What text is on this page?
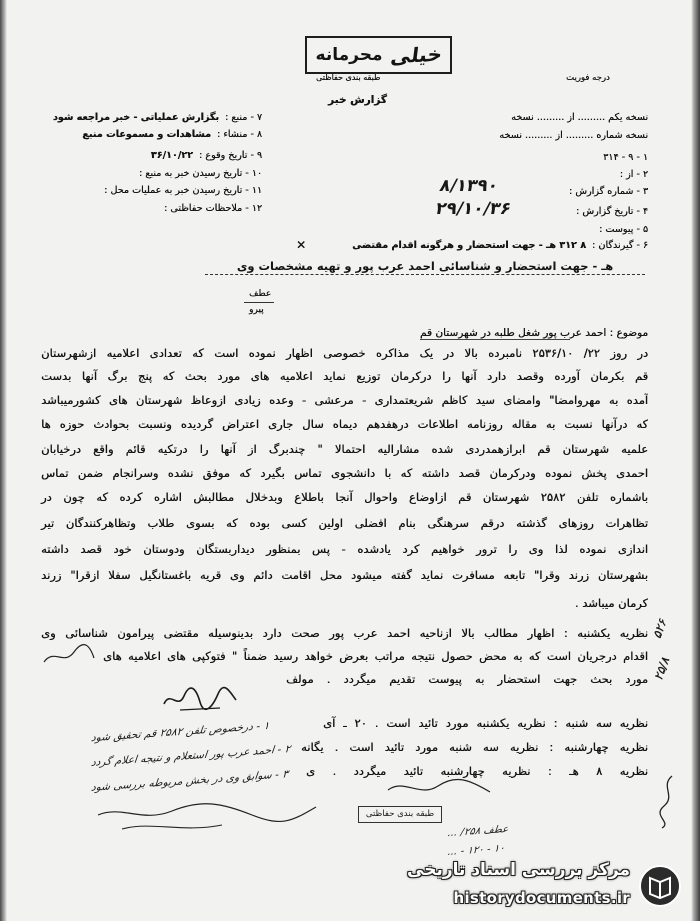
خیلی
محرمانه
طبقه بندی حفاظتی	درجه فوریت
گزارش خبر
۷ - منبع :بگزارش عملیاتی - خبر مراجعه شود
۸ - منشاء :مشاهدات و مسموعات منبع
۹ - تاریخ وقوع :۳۶/۱۰/۲۲
۱۰ - تاریخ رسیدن خبر به منبع :
۱۱ - تاریخ رسیدن خبر به عملیات محل :
۱۲ - ملاحظات حفاظتی :
نسخه یکم ......... از ......... نسخه
نسخه شماره ......... از ......... نسخه
۱ - ۹ - ۳۱۴
۲ - از :
۳ - شماره گزارش :
۸/۱۳۹۰
۴ - تاریخ گزارش :
۲۹/۱۰/۳۶
۵ - پیوست :
۶ - گیرندگان :۸ ۳۱۲ هـ - جهت استحضار و هرگونه اقدام مقتضی
✕
هـ - جهت استحضار و شناسائی احمد عرب پور و تهیه مشخصات وی
عطف
پیرو
موضوع : احمد عرب پور شغل طلبه در شهرستان قم
در روز ۲۲/ ۲۵۳۶/۱۰ نامبرده بالا در یک مذاکره خصوصی اظهار نموده است که تعدادی اعلامیه ازشهرستان
قم بکرمان آورده وقصد دارد آنها را درکرمان توزیع نماید اعلامیه های مورد بحث که پنج برگ آنها بدست
آمده به مهروامضا" وامضای سید کاظم شریعتمداری - مرعشی - وعده زیادی ازوعاظ شهرستان های کشورمیباشد
که درآنها نسبت به مقاله روزنامه اطلاعات درهفدهم دیماه سال جاری اعتراض گردیده ونسبت بحوادث حوزه ها
علمیه شهرستان قم ابرازهمدردی شده مشارالیه احتمالا " چندبرگ از آنها را درتکیه قائم واقع درخیابان
احمدی پخش نموده ودرکرمان قصد داشته که با دانشجوی تماس بگیرد که موفق نشده وسرانجام ضمن تماس
باشماره تلفن ۲۵۸۲ شهرستان قم ازاوضاع واحوال آنجا باطلاع وبدخلال مطالبش اشاره کرده که چون در
تظاهرات روزهای گذشته درقم سرهنگی بنام افضلی اولین کسی بوده که بسوی طلاب وتظاهرکنندگان تیر
اندازی نموده لذا وی را ترور خواهیم کرد یادشده - پس بمنظور دیداربستگان ودوستان خود قصد داشته
بشهرستان زرند وقرا" تابعه مسافرت نماید گفته میشود محل اقامت دائم وی قریه باغستانگیل سفلا ازقرا" زرند
کرمان میباشد .
نظریه یکشنبه : اظهار مطالب بالا ازناحیه احمد عرب پور صحت دارد بدینوسیله مقتضی پیرامون شناسائی وی
اقدام درجریان است که به محض حصول نتیجه مراتب بعرض خواهد رسید ضمناً " فتوکپی های اعلامیه های
مورد بحث جهت استحضار به پیوست تقدیم میگردد . مولف
نظریه سه شنبه : نظریه یکشنبه مورد تائید است . ۲۰ ـ آی
نظریه چهارشنبه : نظریه سه شنبه مورد تائید است . یگانه
نظریه ۸ هـ : نظریه چهارشنبه تائید میگردد . ی
۱ - درخصوص تلفن ۲۵۸۲ قم تحقیق شود
۲ - احمد عرب پور استعلام و نتیجه اعلام گردد
۳ - سوابق وی در بخش مربوطه بررسی شود
۵۲۶
۲۵/۸
عطف ۲۵۸/ ...
۱۰ - ۱۲۰ - ...
طبقه بندی حفاظتی
مرکز بررسی اسناد تاریخی
historydocuments.ir
